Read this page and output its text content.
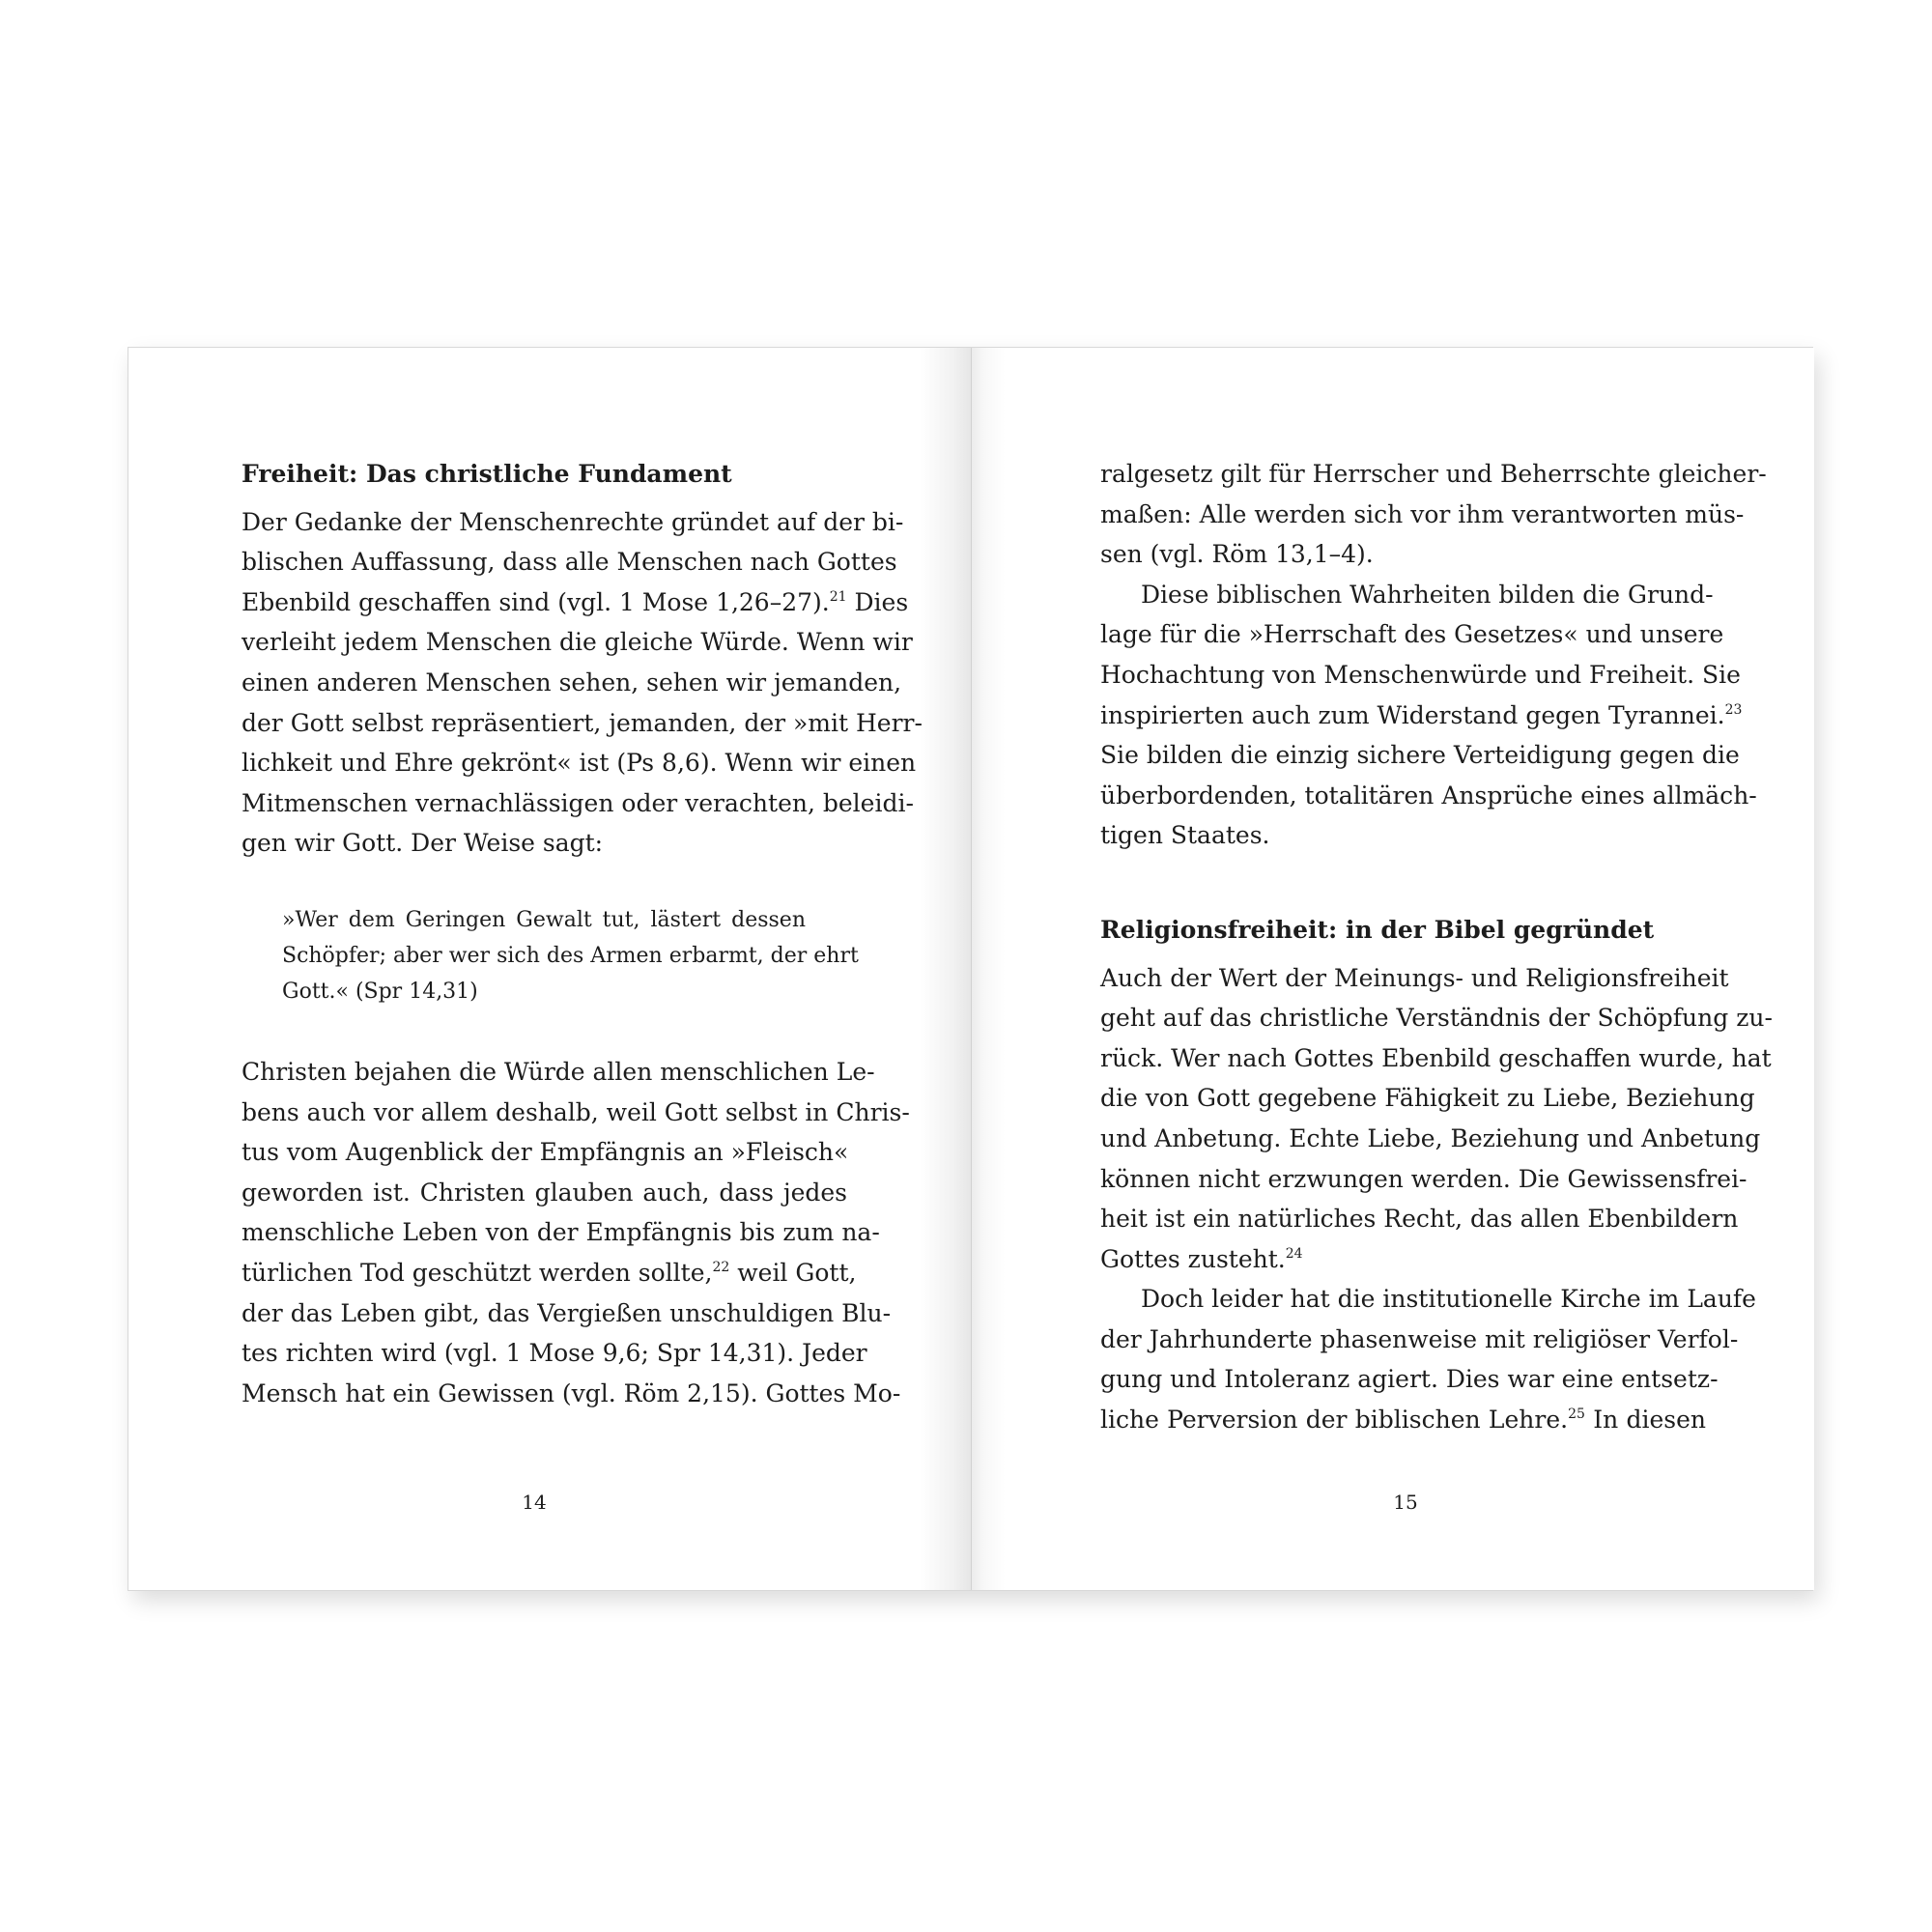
Freiheit: Das christliche Fundament

Der Gedanke der Menschenrechte gründet auf der bi-
blischen Auffassung, dass alle Menschen nach Gottes
Ebenbild geschaffen sind (vgl. 1 Mose 1,26–27).$^{21}$ Dies
verleiht jedem Menschen die gleiche Würde. Wenn wir
einen anderen Menschen sehen, sehen wir jemanden,
der Gott selbst repräsentiert, jemanden, der »mit Herr-
lichkeit und Ehre gekrönt« ist (Ps 8,6). Wenn wir einen
Mitmenschen vernachlässigen oder verachten, beleidi-
gen wir Gott. Der Weise sagt:

»Wer dem Geringen Gewalt tut, lästert dessen
Schöpfer; aber wer sich des Armen erbarmt, der ehrt
Gott.« (Spr 14,31)

Christen bejahen die Würde allen menschlichen Le-
bens auch vor allem deshalb, weil Gott selbst in Chris-
tus vom Augenblick der Empfängnis an »Fleisch«
geworden ist. Christen glauben auch, dass jedes
menschliche Leben von der Empfängnis bis zum na-
türlichen Tod geschützt werden sollte,$^{22}$ weil Gott,
der das Leben gibt, das Vergießen unschuldigen Blu-
tes richten wird (vgl. 1 Mose 9,6; Spr 14,31). Jeder
Mensch hat ein Gewissen (vgl. Röm 2,15). Gottes Mo-

14

ralgesetz gilt für Herrscher und Beherrschte gleicher-
maßen: Alle werden sich vor ihm verantworten müs-
sen (vgl. Röm 13,1–4).

Diese biblischen Wahrheiten bilden die Grund-
lage für die »Herrschaft des Gesetzes« und unsere
Hochachtung von Menschenwürde und Freiheit. Sie
inspirierten auch zum Widerstand gegen Tyrannei.$^{23}$
Sie bilden die einzig sichere Verteidigung gegen die
überbordenden, totalitären Ansprüche eines allmäch-
tigen Staates.

Religionsfreiheit: in der Bibel gegründet

Auch der Wert der Meinungs- und Religionsfreiheit
geht auf das christliche Verständnis der Schöpfung zu-
rück. Wer nach Gottes Ebenbild geschaffen wurde, hat
die von Gott gegebene Fähigkeit zu Liebe, Beziehung
und Anbetung. Echte Liebe, Beziehung und Anbetung
können nicht erzwungen werden. Die Gewissensfrei-
heit ist ein natürliches Recht, das allen Ebenbildern
Gottes zusteht.$^{24}$

Doch leider hat die institutionelle Kirche im Laufe
der Jahrhunderte phasenweise mit religiöser Verfol-
gung und Intoleranz agiert. Dies war eine entsetz-
liche Perversion der biblischen Lehre.$^{25}$ In diesen

15
